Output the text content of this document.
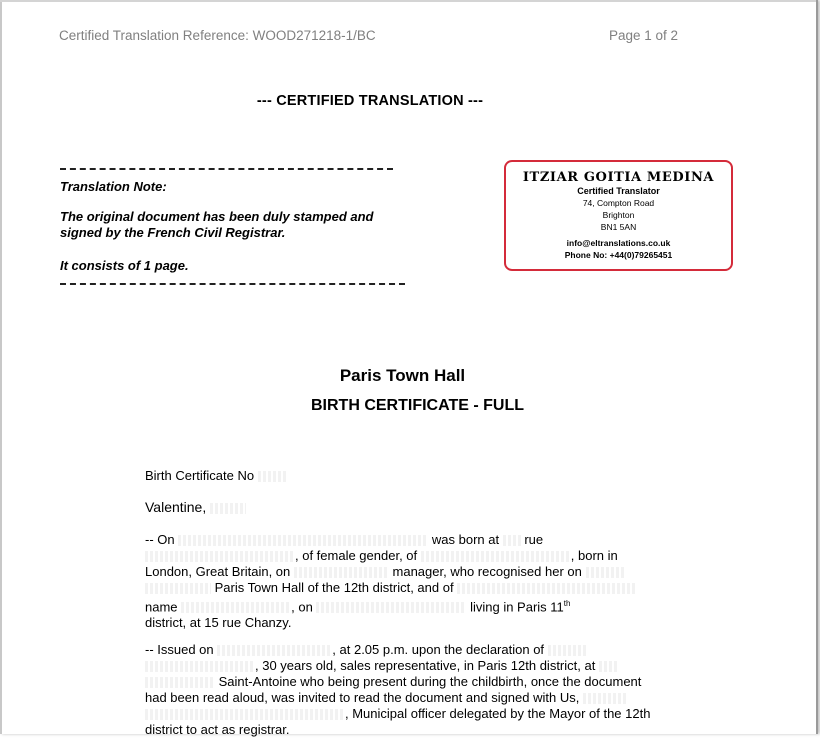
Certified Translation Reference: WOOD271218-1/BC	Page 1 of 2
--- CERTIFIED TRANSLATION ---
Translation Note:
The original document has been duly stamped and signed by the French Civil Registrar.
It consists of 1 page.
ITZIAR GOITIA MEDINA
Certified Translator
74, Compton Road
Brighton
BN1 5AN
info@eltranslations.co.uk
Phone No: +44(0)79265451
Paris Town Hall
BIRTH CERTIFICATE - FULL
Birth Certificate No
Valentine,
-- On	was born at rue
, of female gender, of	, born in
London, Great Britain, on	manager, who recognised her on
Paris Town Hall of the 12th district, and of
name	, on	living in Paris 11th
district, at 15 rue Chanzy.
-- Issued on	, at 2.05 p.m. upon the declaration of
, 30 years old, sales representative, in Paris 12th district, at
Saint-Antoine who being present during the childbirth, once the document
had been read aloud, was invited to read the document and signed with Us,
, Municipal officer delegated by the Mayor of the 12th
district to act as registrar.
